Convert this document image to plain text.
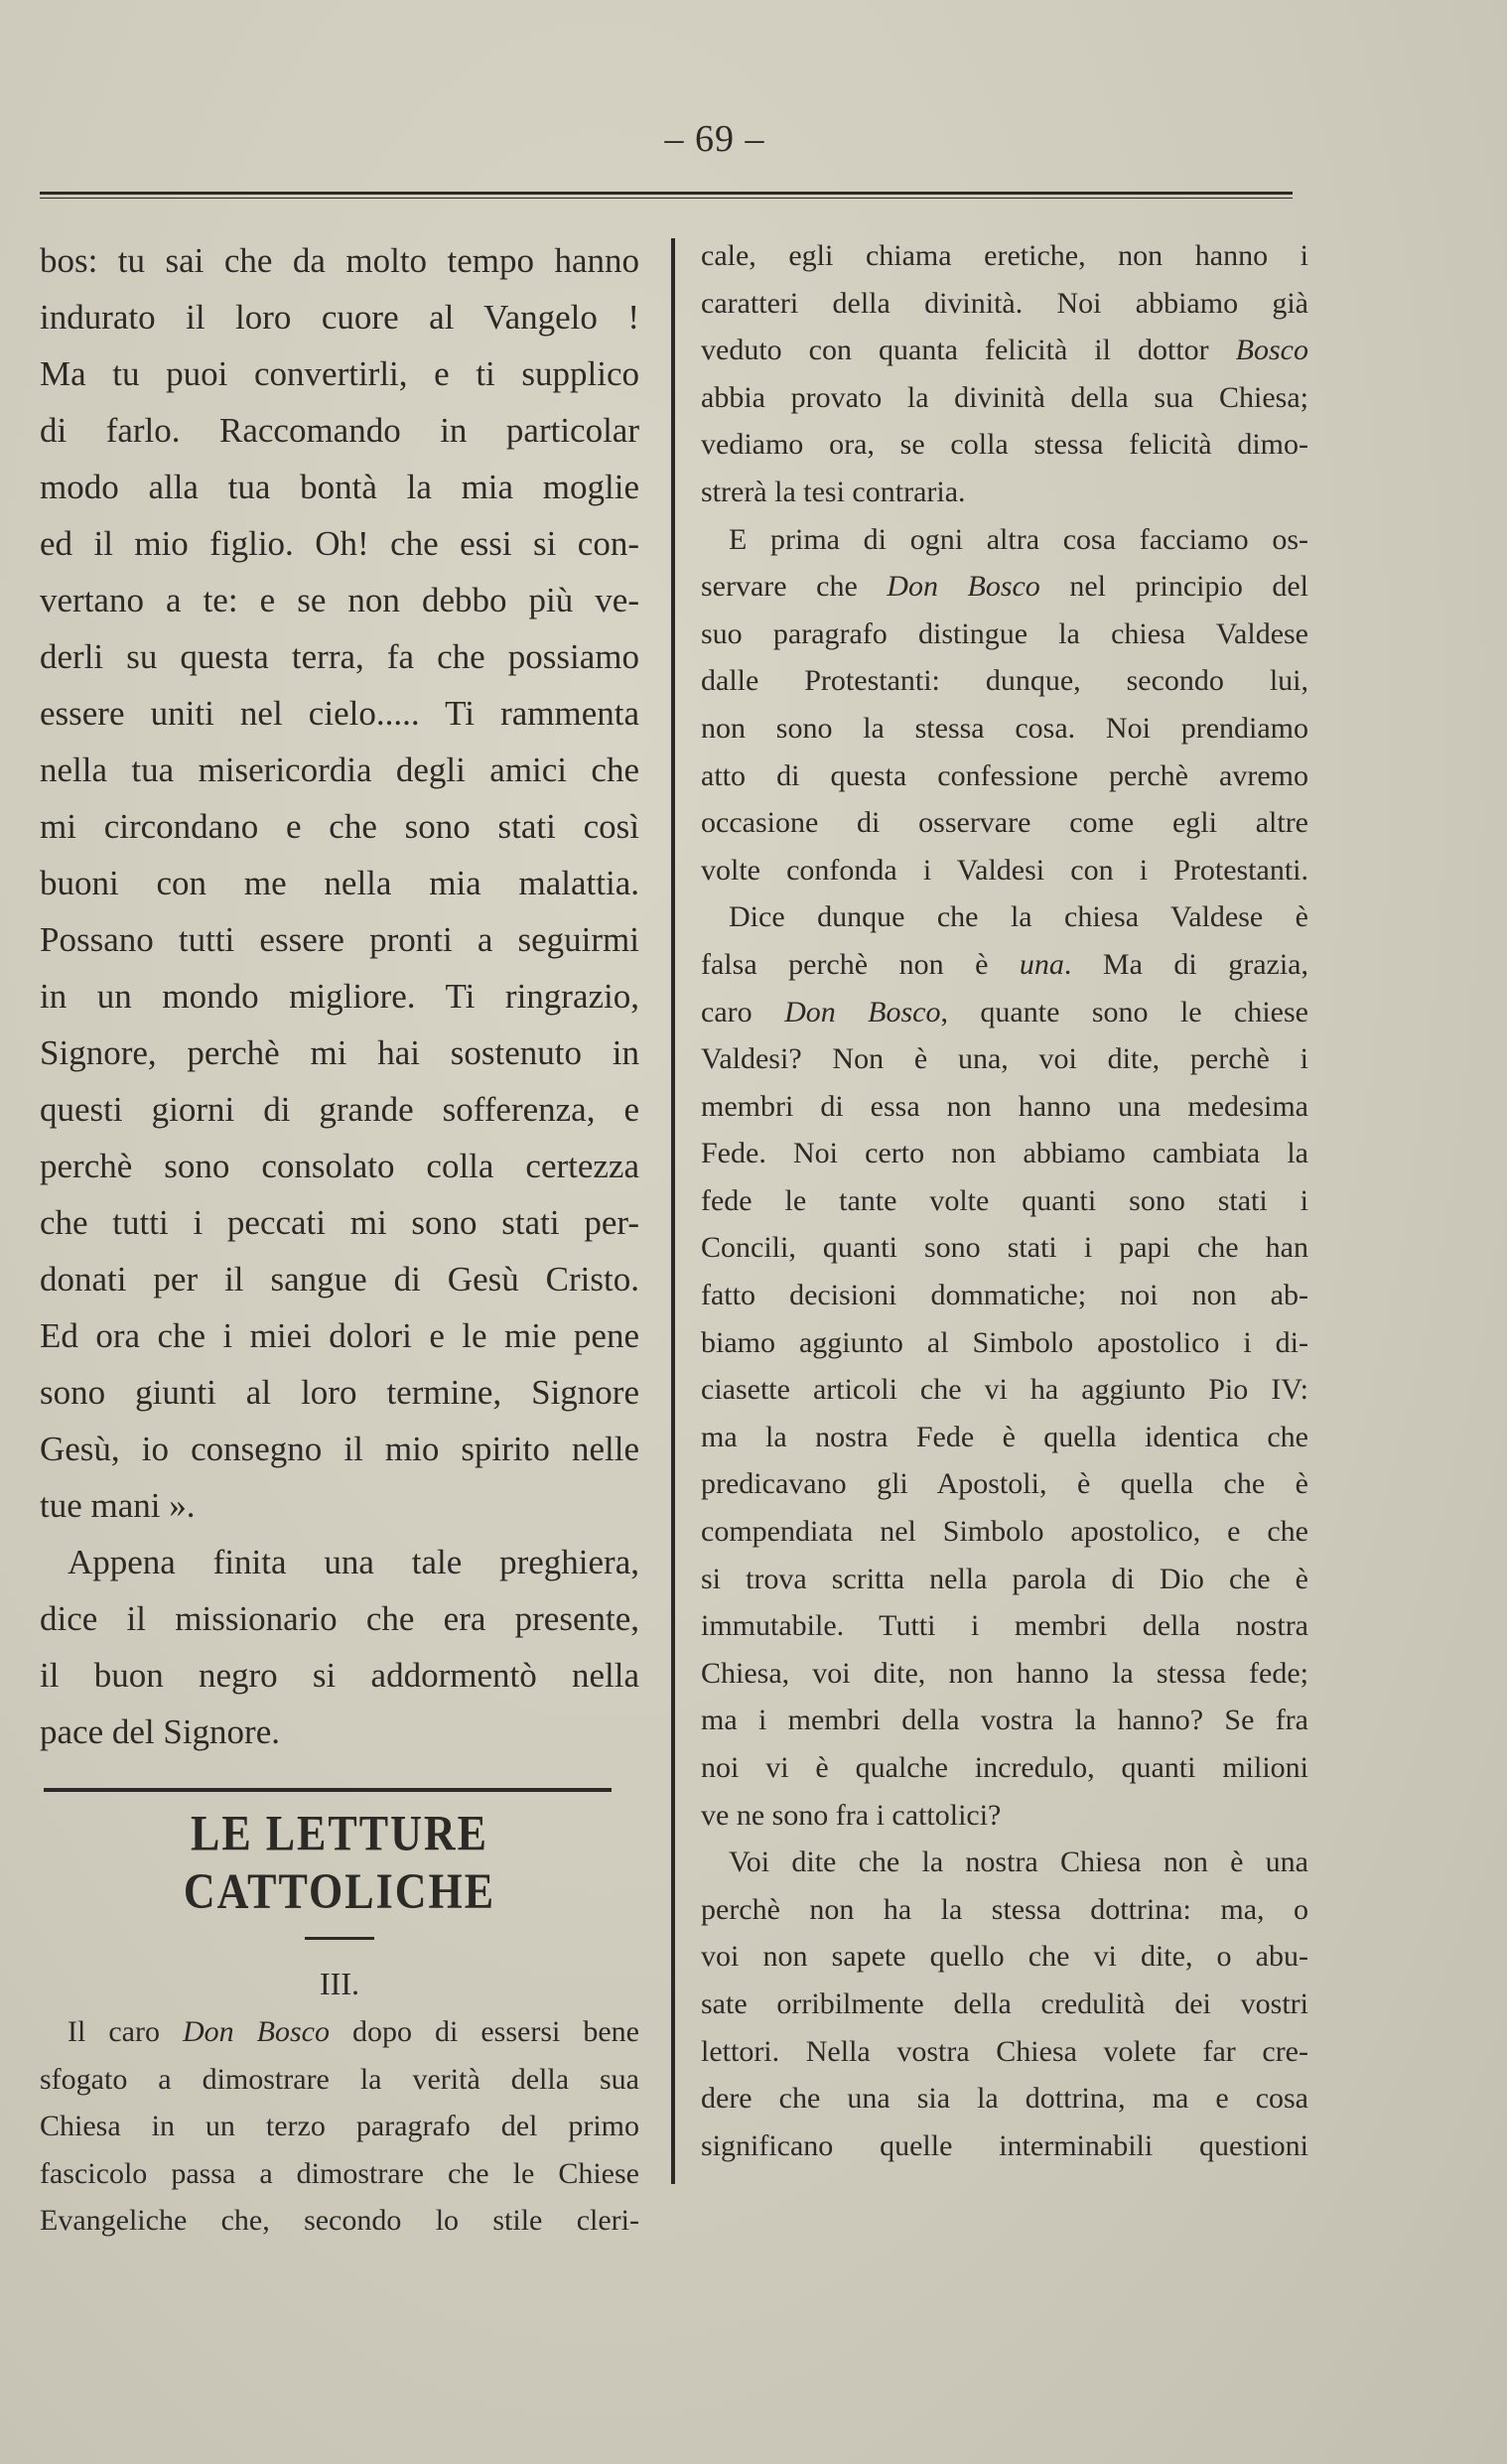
– 69 –
bos: tu sai che da molto tempo hanno
indurato il loro cuore al Vangelo !
Ma tu puoi convertirli, e ti supplico
di farlo. Raccomando in particolar
modo alla tua bontà la mia moglie
ed il mio figlio. Oh! che essi si con-
vertano a te: e se non debbo più ve-
derli su questa terra, fa che possiamo
essere uniti nel cielo..... Ti rammenta
nella tua misericordia degli amici che
mi circondano e che sono stati così
buoni con me nella mia malattia.
Possano tutti essere pronti a seguirmi
in un mondo migliore. Ti ringrazio,
Signore, perchè mi hai sostenuto in
questi giorni di grande sofferenza, e
perchè sono consolato colla certezza
che tutti i peccati mi sono stati per-
donati per il sangue di Gesù Cristo.
Ed ora che i miei dolori e le mie pene
sono giunti al loro termine, Signore
Gesù, io consegno il mio spirito nelle
tue mani ».
Appena finita una tale preghiera,
dice il missionario che era presente,
il buon negro si addormentò nella
pace del Signore.
LE LETTURE CATTOLICHE
III.
Il caro Don Bosco dopo di essersi bene
sfogato a dimostrare la verità della sua
Chiesa in un terzo paragrafo del primo
fascicolo passa a dimostrare che le Chiese
Evangeliche che, secondo lo stile cleri-
cale, egli chiama eretiche, non hanno i
caratteri della divinità. Noi abbiamo già
veduto con quanta felicità il dottor Bosco
abbia provato la divinità della sua Chiesa;
vediamo ora, se colla stessa felicità dimo-
strerà la tesi contraria.
E prima di ogni altra cosa facciamo os-
servare che Don Bosco nel principio del
suo paragrafo distingue la chiesa Valdese
dalle Protestanti: dunque, secondo lui,
non sono la stessa cosa. Noi prendiamo
atto di questa confessione perchè avremo
occasione di osservare come egli altre
volte confonda i Valdesi con i Protestanti.
Dice dunque che la chiesa Valdese è
falsa perchè non è una. Ma di grazia,
caro Don Bosco, quante sono le chiese
Valdesi? Non è una, voi dite, perchè i
membri di essa non hanno una medesima
Fede. Noi certo non abbiamo cambiata la
fede le tante volte quanti sono stati i
Concili, quanti sono stati i papi che han
fatto decisioni dommatiche; noi non ab-
biamo aggiunto al Simbolo apostolico i di-
ciasette articoli che vi ha aggiunto Pio IV:
ma la nostra Fede è quella identica che
predicavano gli Apostoli, è quella che è
compendiata nel Simbolo apostolico, e che
si trova scritta nella parola di Dio che è
immutabile. Tutti i membri della nostra
Chiesa, voi dite, non hanno la stessa fede;
ma i membri della vostra la hanno? Se fra
noi vi è qualche incredulo, quanti milioni
ve ne sono fra i cattolici?
Voi dite che la nostra Chiesa non è una
perchè non ha la stessa dottrina: ma, o
voi non sapete quello che vi dite, o abu-
sate orribilmente della credulità dei vostri
lettori. Nella vostra Chiesa volete far cre-
dere che una sia la dottrina, ma e cosa
significano quelle interminabili questioni
